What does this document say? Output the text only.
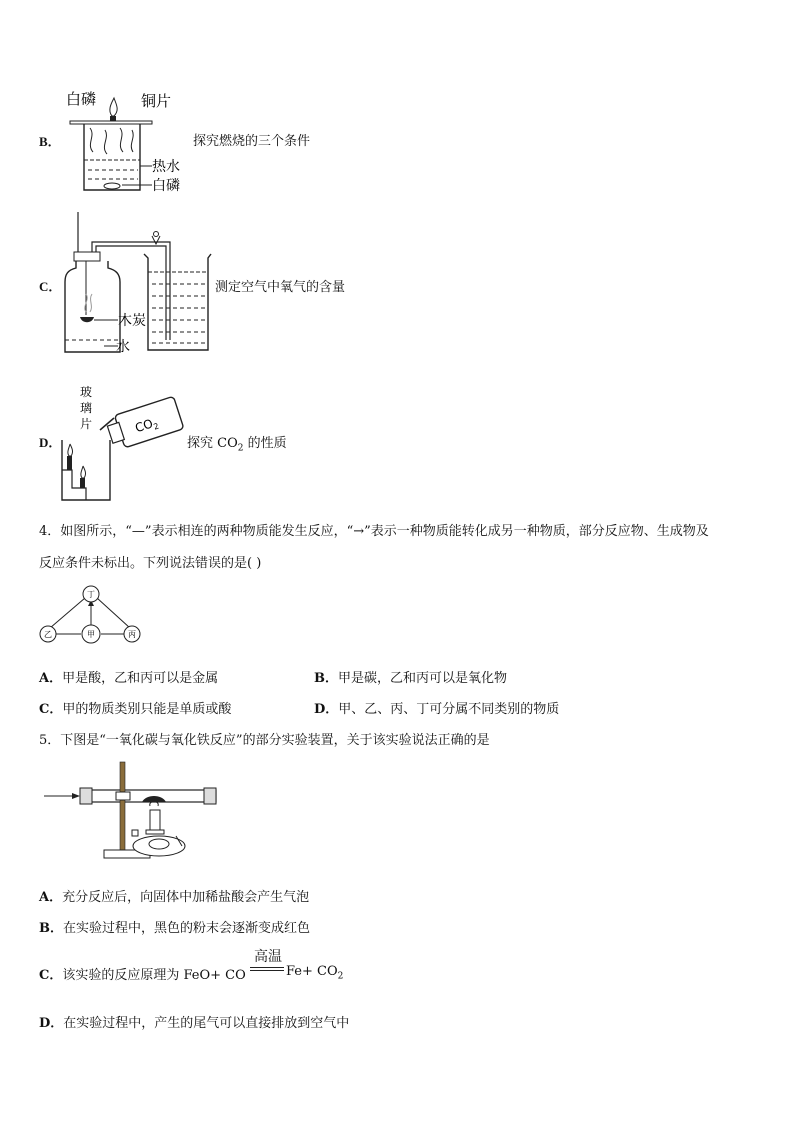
B．
白磷	铜片
热水
白磷
探究燃烧的三个条件
C．
木炭
水
测定空气中氧气的含量
D．
玻
璃
片	$CO_2$
探究 $CO_2$ 的性质
4．如图所示，“—”表示相连的两种物质能发生反应，“→”表示一种物质能转化成另一种物质，部分反应物、生成物及
反应条件未标出。下列说法错误的是( )
丁
乙	甲	丙
A．甲是酸，乙和丙可以是金属	B．甲是碳，乙和丙可以是氧化物
C．甲的物质类别只能是单质或酸	D．甲、乙、丙、丁可分属不同类别的物质
5．下图是“一氧化碳与氧化铁反应”的部分实验装置，关于该实验说法正确的是
A．充分反应后，向固体中加稀盐酸会产生气泡
B．在实验过程中，黑色的粉末会逐渐变成红色
C．该实验的反应原理为 FeO+ CO
高温
$Fe+ CO_2$
D．在实验过程中，产生的尾气可以直接排放到空气中
